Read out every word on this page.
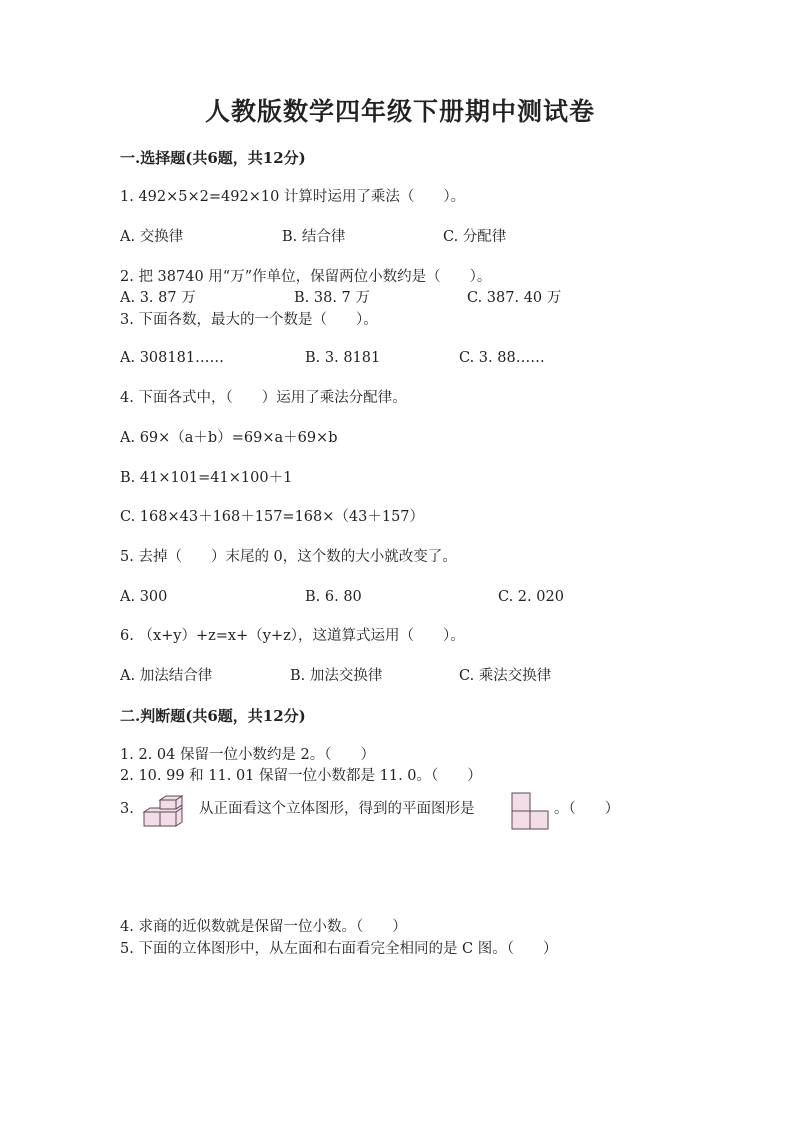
人教版数学四年级下册期中测试卷
一.选择题(共6题，共12分)
1. 492×5×2=492×10 计算时运用了乘法（　　）。
A. 交换律	B. 结合律	C. 分配律
2. 把 38740 用“万”作单位，保留两位小数约是（　　）。
A. 3. 87 万	B. 38. 7 万	C. 387. 40 万
3. 下面各数，最大的一个数是（　　）。
A. 308181……	B. 3. 8181	C. 3. 88……
4. 下面各式中，（　　）运用了乘法分配律。
A. 69×（a＋b）=69×a＋69×b
B. 41×101=41×100＋1
C. 168×43＋168＋157=168×（43＋157）
5. 去掉（　　）末尾的 0，这个数的大小就改变了。
A. 300	B. 6. 80	C. 2. 020
6. （x+y）+z=x+（y+z），这道算式运用（　　）。
A. 加法结合律	B. 加法交换律	C. 乘法交换律
二.判断题(共6题，共12分)
1. 2. 04 保留一位小数约是 2。（　　）
2. 10. 99 和 11. 01 保留一位小数都是 11. 0。（　　）
3.	从正面看这个立体图形，得到的平面图形是	。（　　）
4. 求商的近似数就是保留一位小数。（　　）
5. 下面的立体图形中，从左面和右面看完全相同的是 C 图。（　　）
